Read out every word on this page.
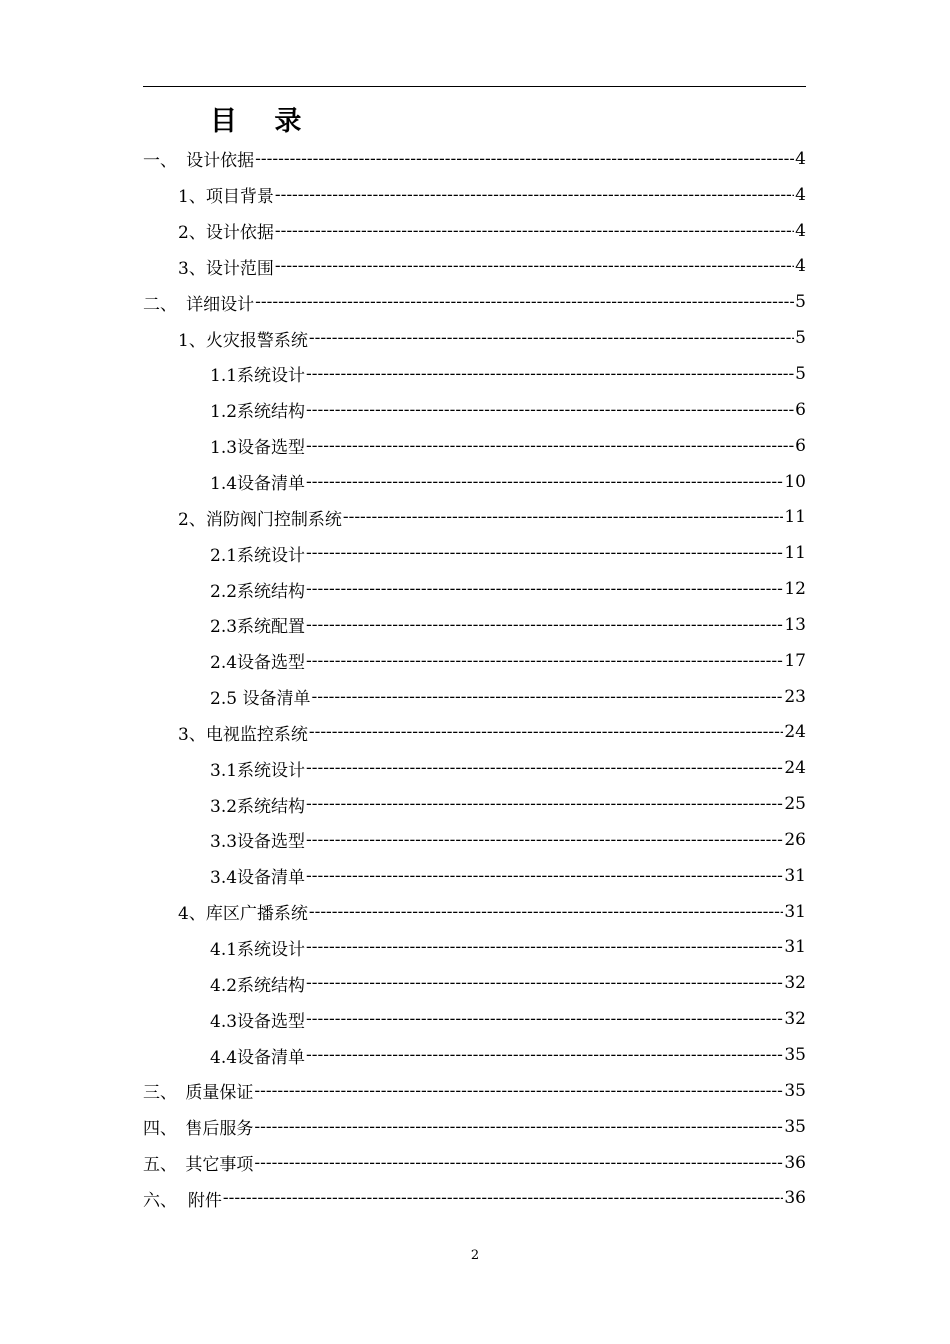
目 录
一、 设计依据 -----	4
1、项目背景 -----	4
2、设计依据 -----	4
3、设计范围 -----	4
二、 详细设计 -----	5
1、火灾报警系统 -----	5
1.1系统设计 -----	5
1.2系统结构 -----	6
1.3设备选型 -----	6
1.4设备清单 -----	10
2、消防阀门控制系统 -----	11
2.1系统设计 -----	11
2.2系统结构 -----	12
2.3系统配置 -----	13
2.4设备选型 -----	17
2.5 设备清单 -----	23
3、电视监控系统 -----	24
3.1系统设计 -----	24
3.2系统结构 -----	25
3.3设备选型 -----	26
3.4设备清单 -----	31
4、库区广播系统 -----	31
4.1系统设计 -----	31
4.2系统结构 -----	32
4.3设备选型 -----	32
4.4设备清单 -----	35
三、 质量保证 -----	35
四、 售后服务 -----	35
五、 其它事项 -----	36
六、 附件 -----	36
2
